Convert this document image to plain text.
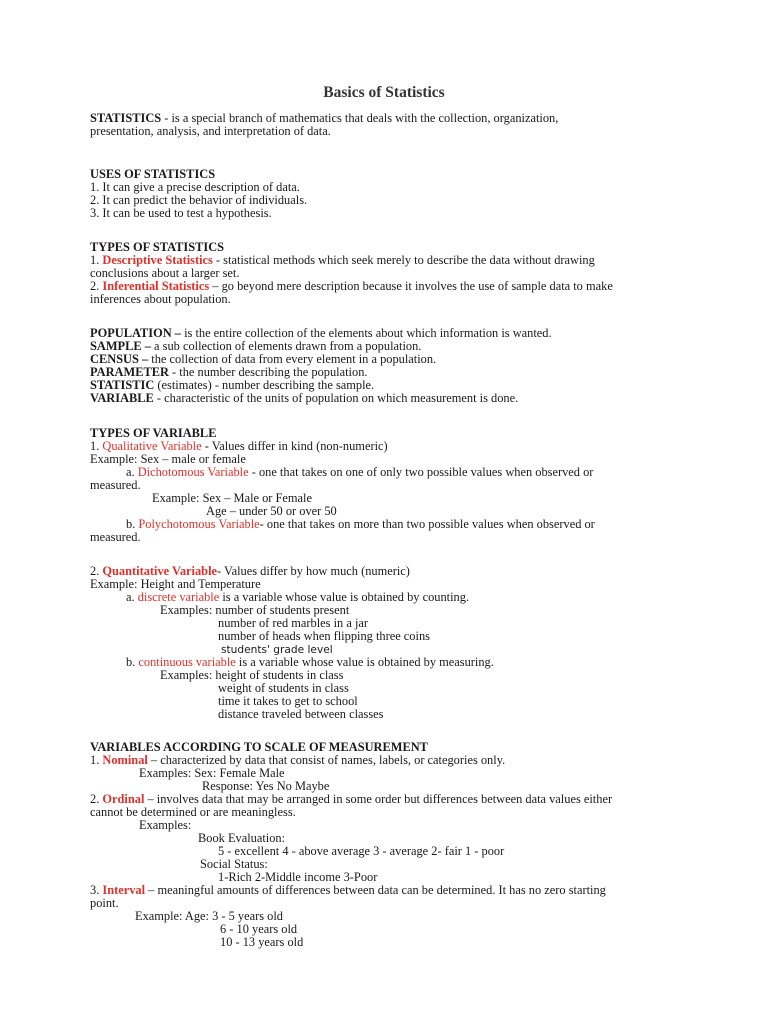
Basics of Statistics
STATISTICS - is a special branch of mathematics that deals with the collection, organization,
presentation, analysis, and interpretation of data.
USES OF STATISTICS
1. It can give a precise description of data.
2. It can predict the behavior of individuals.
3. It can be used to test a hypothesis.
TYPES OF STATISTICS
1. Descriptive Statistics - statistical methods which seek merely to describe the data without drawing
conclusions about a larger set.
2. Inferential Statistics – go beyond mere description because it involves the use of sample data to make
inferences about population.
POPULATION – is the entire collection of the elements about which information is wanted.
SAMPLE – a sub collection of elements drawn from a population.
CENSUS – the collection of data from every element in a population.
PARAMETER - the number describing the population.
STATISTIC (estimates) - number describing the sample.
VARIABLE - characteristic of the units of population on which measurement is done.
TYPES OF VARIABLE
1. Qualitative Variable - Values differ in kind (non-numeric)
Example: Sex – male or female
a. Dichotomous Variable - one that takes on one of only two possible values when observed or
measured.
Example: Sex – Male or Female
Age – under 50 or over 50
b. Polychotomous Variable- one that takes on more than two possible values when observed or
measured.
2. Quantitative Variable- Values differ by how much (numeric)
Example: Height and Temperature
a. discrete variable is a variable whose value is obtained by counting.
Examples: number of students present
number of red marbles in a jar
number of heads when flipping three coins
students' grade level
b. continuous variable is a variable whose value is obtained by measuring.
Examples: height of students in class
weight of students in class
time it takes to get to school
distance traveled between classes
VARIABLES ACCORDING TO SCALE OF MEASUREMENT
1. Nominal – characterized by data that consist of names, labels, or categories only.
Examples: Sex: Female Male
Response: Yes No Maybe
2. Ordinal – involves data that may be arranged in some order but differences between data values either
cannot be determined or are meaningless.
Examples:
Book Evaluation:
5 - excellent 4 - above average 3 - average 2- fair 1 - poor
Social Status:
1-Rich 2-Middle income 3-Poor
3. Interval – meaningful amounts of differences between data can be determined. It has no zero starting
point.
Example: Age: 3 - 5 years old
6 - 10 years old
10 - 13 years old
